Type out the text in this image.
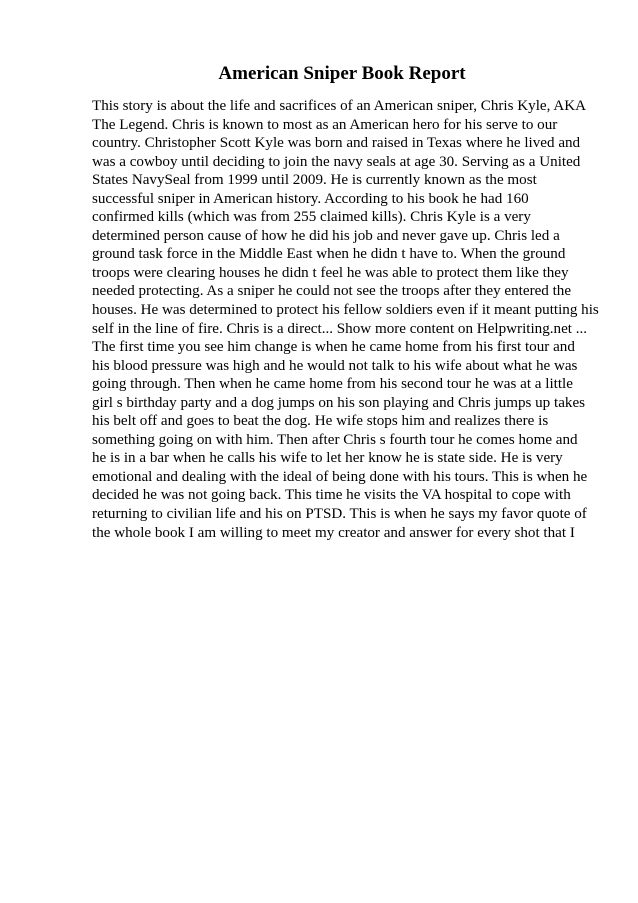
American Sniper Book Report
This story is about the life and sacrifices of an American sniper, Chris Kyle, AKA
The Legend. Chris is known to most as an American hero for his serve to our
country. Christopher Scott Kyle was born and raised in Texas where he lived and
was a cowboy until deciding to join the navy seals at age 30. Serving as a United
States NavySeal from 1999 until 2009. He is currently known as the most
successful sniper in American history. According to his book he had 160
confirmed kills (which was from 255 claimed kills). Chris Kyle is a very
determined person cause of how he did his job and never gave up. Chris led a
ground task force in the Middle East when he didn t have to. When the ground
troops were clearing houses he didn t feel he was able to protect them like they
needed protecting. As a sniper he could not see the troops after they entered the
houses. He was determined to protect his fellow soldiers even if it meant putting his
self in the line of fire. Chris is a direct... Show more content on Helpwriting.net ...
The first time you see him change is when he came home from his first tour and
his blood pressure was high and he would not talk to his wife about what he was
going through. Then when he came home from his second tour he was at a little
girl s birthday party and a dog jumps on his son playing and Chris jumps up takes
his belt off and goes to beat the dog. He wife stops him and realizes there is
something going on with him. Then after Chris s fourth tour he comes home and
he is in a bar when he calls his wife to let her know he is state side. He is very
emotional and dealing with the ideal of being done with his tours. This is when he
decided he was not going back. This time he visits the VA hospital to cope with
returning to civilian life and his on PTSD. This is when he says my favor quote of
the whole book I am willing to meet my creator and answer for every shot that I
